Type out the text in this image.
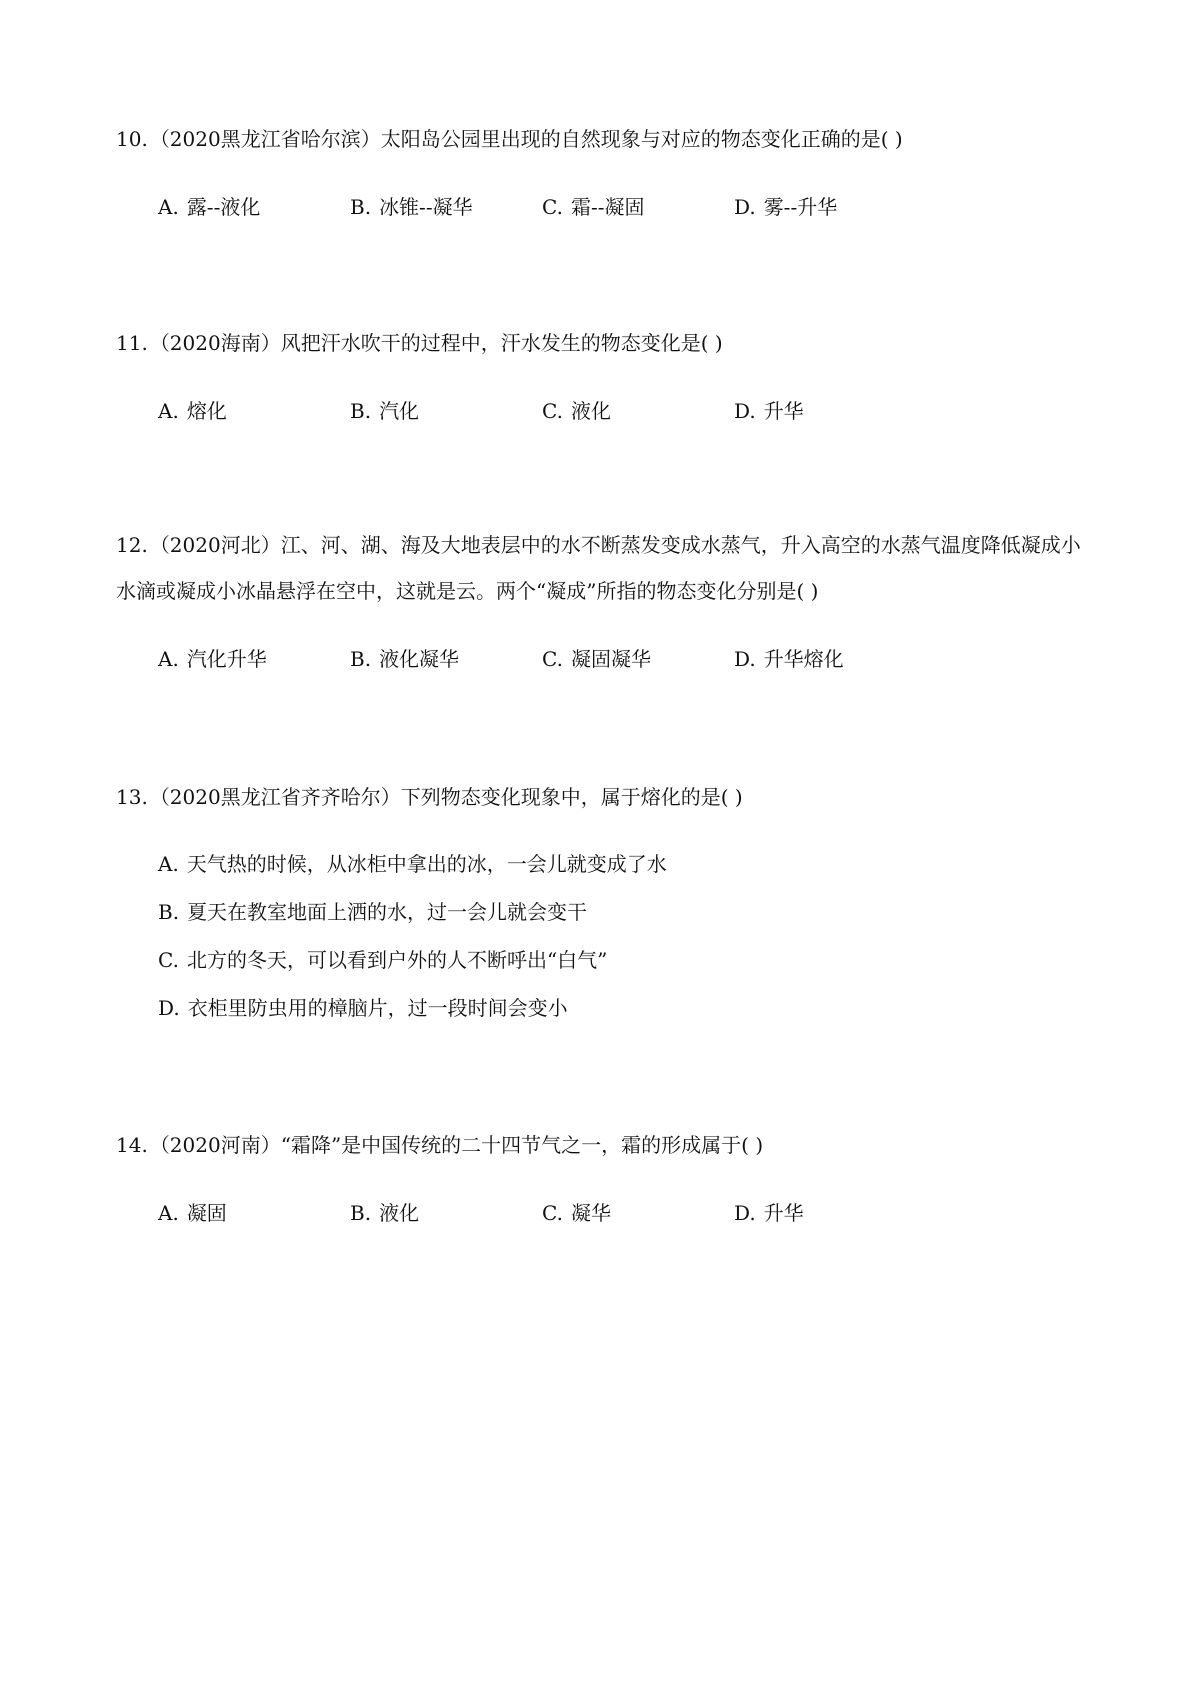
10. （2020黑龙江省哈尔滨）太阳岛公园里出现的自然现象与对应的物态变化正确的是( )

A. 露--液化	B. 冰锥--凝华	C. 霜--凝固	D. 雾--升华

11. （2020海南）风把汗水吹干的过程中，汗水发生的物态变化是( )

A. 熔化	B. 汽化	C. 液化	D. 升华

12. （2020河北）江、河、湖、海及大地表层中的水不断蒸发变成水蒸气，升入高空的水蒸气温度降低凝成小水滴或凝成小冰晶悬浮在空中，这就是云。两个“凝成”所指的物态变化分别是( )

A. 汽化升华	B. 液化凝华	C. 凝固凝华	D. 升华熔化

13. （2020黑龙江省齐齐哈尔）下列物态变化现象中，属于熔化的是( )

A. 天气热的时候，从冰柜中拿出的冰，一会儿就变成了水
B. 夏天在教室地面上洒的水，过一会儿就会变干
C. 北方的冬天，可以看到户外的人不断呼出“白气”
D. 衣柜里防虫用的樟脑片，过一段时间会变小

14. （2020河南）“霜降”是中国传统的二十四节气之一，霜的形成属于( )

A. 凝固	B. 液化	C. 凝华	D. 升华
